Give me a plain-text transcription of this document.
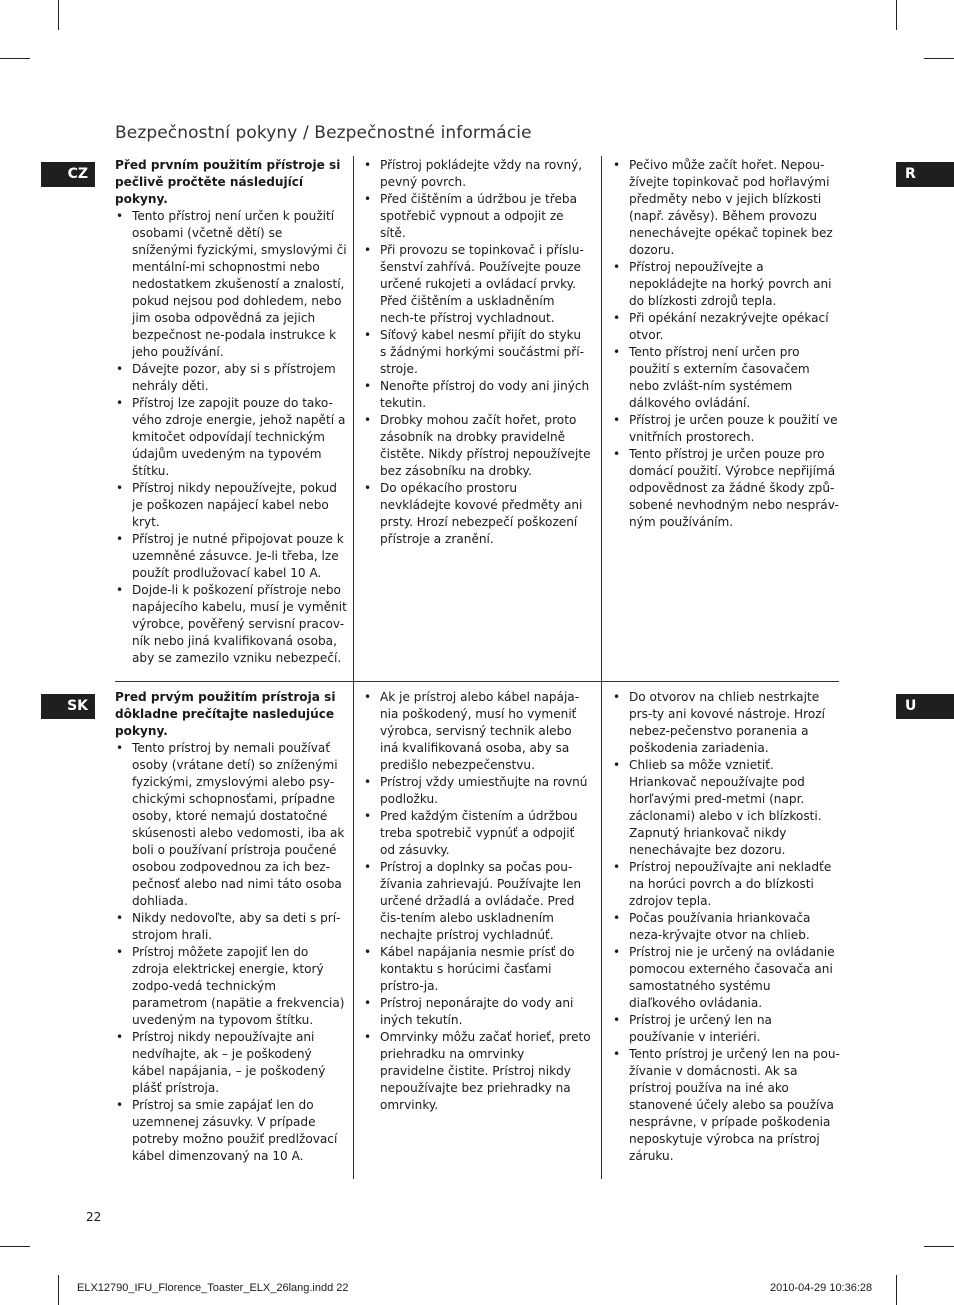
Bezpečnostní pokyny / Bezpečnostné informácie
CZ	R
SK	U

Před prvním použitím přístroje si pečlivě pročtěte následující pokyny.

• Tento přístroj není určen k použití osobami (včetně dětí) se sníženými fyzickými, smyslovými či mentální-mi schopnostmi nebo nedostatkem zkušeností a znalostí, pokud nejsou pod dohledem, nebo jim osoba odpovědná za jejich bezpečnost ne-podala instrukce k jeho používání.
• Dávejte pozor, aby si s přístrojem nehrály děti.
• Přístroj lze zapojit pouze do tako-vého zdroje energie, jehož napětí a kmitočet odpovídají technickým údajům uvedeným na typovém štítku.
• Přístroj nikdy nepoužívejte, pokud je poškozen napájecí kabel nebo kryt.
• Přístroj je nutné připojovat pouze k uzemněné zásuvce. Je-li třeba, lze použít prodlužovací kabel 10 A.
• Dojde-li k poškození přístroje nebo napájecího kabelu, musí je vyměnit výrobce, pověřený servisní pracov-ník nebo jiná kvalifikovaná osoba, aby se zamezilo vzniku nebezpečí.
• Přístroj pokládejte vždy na rovný, pevný povrch.
• Před čištěním a údržbou je třeba spotřebič vypnout a odpojit ze sítě.
• Při provozu se topinkovač i příslu-šenství zahřívá. Používejte pouze určené rukojeti a ovládací prvky. Před čištěním a uskladněním nech-te přístroj vychladnout.
• Síťový kabel nesmí přijít do styku s žádnými horkými součástmi pří-stroje.
• Nenořte přístroj do vody ani jiných tekutin.
• Drobky mohou začít hořet, proto zásobník na drobky pravidelně čistěte. Nikdy přístroj nepoužívejte bez zásobníku na drobky.
• Do opékacího prostoru nevkládejte kovové předměty ani prsty. Hrozí nebezpečí poškození přístroje a zranění.
• Pečivo může začít hořet. Nepou-žívejte topinkovač pod hořlavými předměty nebo v jejich blízkosti (např. závěsy). Během provozu nenechávejte opékač topinek bez dozoru.
• Přístroj nepoužívejte a nepokládejte na horký povrch ani do blízkosti zdrojů tepla.
• Při opékání nezakrývejte opékací otvor.
• Tento přístroj není určen pro použití s externím časovačem nebo zvlášt-ním systémem dálkového ovládání.
• Přístroj je určen pouze k použití ve vnitřních prostorech.
• Tento přístroj je určen pouze pro domácí použití. Výrobce nepřijímá odpovědnost za žádné škody způ-sobené nevhodným nebo nespráv-ným používáním.

Pred prvým použitím prístroja si dôkladne prečítajte nasledujúce pokyny.

• Tento prístroj by nemali používať osoby (vrátane detí) so zníženými fyzickými, zmyslovými alebo psy-chickými schopnosťami, prípadne osoby, ktoré nemajú dostatočné skúsenosti alebo vedomosti, iba ak boli o používaní prístroja poučené osobou zodpovednou za ich bez-pečnosť alebo nad nimi táto osoba dohliada.
• Nikdy nedovoľte, aby sa deti s prí-strojom hrali.
• Prístroj môžete zapojiť len do zdroja elektrickej energie, ktorý zodpo-vedá technickým parametrom (napätie a frekvencia) uvedeným na typovom štítku.
• Prístroj nikdy nepoužívajte ani nedvíhajte, ak – je poškodený kábel napájania, – je poškodený plášť prístroja.
• Prístroj sa smie zapájať len do uzemnenej zásuvky. V prípade potreby možno použiť predlžovací kábel dimenzovaný na 10 A.
• Ak je prístroj alebo kábel napája-nia poškodený, musí ho vymeniť výrobca, servisný technik alebo iná kvalifikovaná osoba, aby sa predišlo nebezpečenstvu.
• Prístroj vždy umiestňujte na rovnú podložku.
• Pred každým čistením a údržbou treba spotrebič vypnúť a odpojiť od zásuvky.
• Prístroj a doplnky sa počas pou-žívania zahrievajú. Používajte len určené držadlá a ovládače. Pred čis-tením alebo uskladnením nechajte prístroj vychladnúť.
• Kábel napájania nesmie prísť do kontaktu s horúcimi časťami prístro-ja.
• Prístroj neponárajte do vody ani iných tekutín.
• Omrvinky môžu začať horieť, preto priehradku na omrvinky pravidelne čistite. Prístroj nikdy nepoužívajte bez priehradky na omrvinky.
• Do otvorov na chlieb nestrkajte prs-ty ani kovové nástroje. Hrozí nebez-pečenstvo poranenia a poškodenia zariadenia.
• Chlieb sa môže vznietiť. Hriankovač nepoužívajte pod horľavými pred-metmi (napr. záclonami) alebo v ich blízkosti. Zapnutý hriankovač nikdy nenechávajte bez dozoru.
• Prístroj nepoužívajte ani nekladťe na horúci povrch a do blízkosti zdrojov tepla.
• Počas používania hriankovača neza-krývajte otvor na chlieb.
• Prístroj nie je určený na ovládanie pomocou externého časovača ani samostatného systému diaľkového ovládania.
• Prístroj je určený len na používanie v interiéri.
• Tento prístroj je určený len na pou-žívanie v domácnosti. Ak sa prístroj používa na iné ako stanovené účely alebo sa používa nesprávne, v prípade poškodenia neposkytuje výrobca na prístroj záruku.
22
ELX12790_IFU_Florence_Toaster_ELX_26lang.indd 22	2010-04-29 10:36:28
